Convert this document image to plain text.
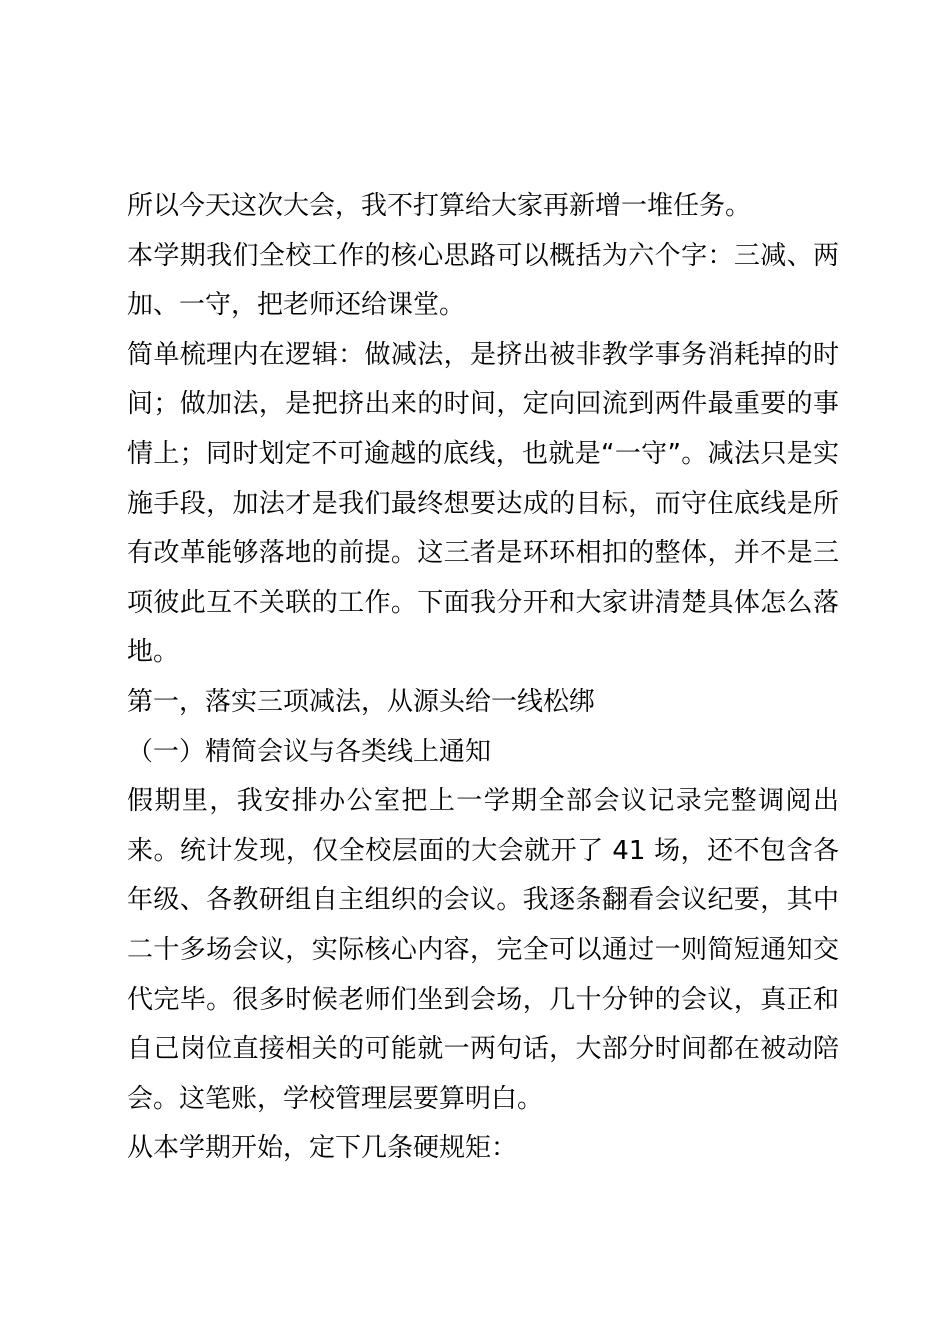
所以今天这次大会，我不打算给大家再新增一堆任务。

本学期我们全校工作的核心思路可以概括为六个字：三减、两加、一守，把老师还给课堂。

简单梳理内在逻辑：做减法，是挤出被非教学事务消耗掉的时间；做加法，是把挤出来的时间，定向回流到两件最重要的事情上；同时划定不可逾越的底线，也就是“一守”。减法只是实施手段，加法才是我们最终想要达成的目标，而守住底线是所有改革能够落地的前提。这三者是环环相扣的整体，并不是三项彼此互不关联的工作。下面我分开和大家讲清楚具体怎么落地。

第一，落实三项减法，从源头给一线松绑

（一）精简会议与各类线上通知

假期里，我安排办公室把上一学期全部会议记录完整调阅出来。统计发现，仅全校层面的大会就开了 41 场，还不包含各年级、各教研组自主组织的会议。我逐条翻看会议纪要，其中二十多场会议，实际核心内容，完全可以通过一则简短通知交代完毕。很多时候老师们坐到会场，几十分钟的会议，真正和自己岗位直接相关的可能就一两句话，大部分时间都在被动陪会。这笔账，学校管理层要算明白。

从本学期开始，定下几条硬规矩：
